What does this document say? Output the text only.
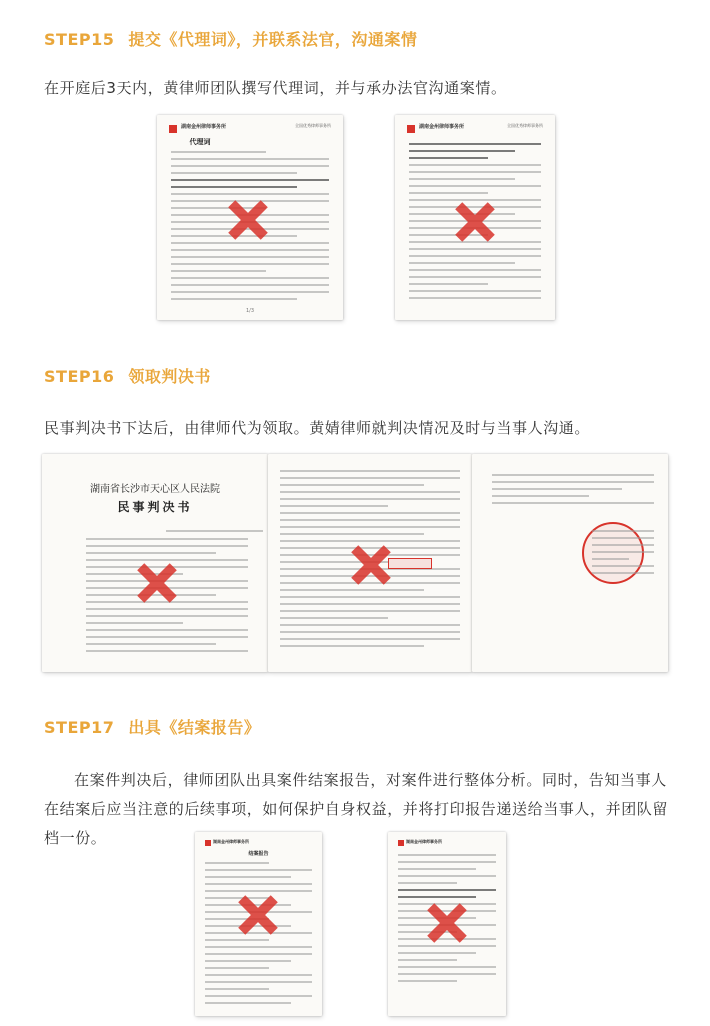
STEP15 提交《代理词》，并联系法官，沟通案情
在开庭后3天内，黄律师团队撰写代理词，并与承办法官沟通案情。
湖南金州律师事务所	全国优秀律师事务所
代理词
1/3
湖南金州律师事务所	全国优秀律师事务所
STEP16 领取判决书
民事判决书下达后，由律师代为领取。黄婧律师就判决情况及时与当事人沟通。
湖南省长沙市天心区人民法院
民事判决书
STEP17 出具《结案报告》
在案件判决后，律师团队出具案件结案报告，对案件进行整体分析。同时，告知当事人在结案后应当注意的后续事项，如何保护自身权益，并将打印报告递送给当事人，并团队留档一份。	湖南金州律师事务所
结案报告
湖南金州律师事务所
